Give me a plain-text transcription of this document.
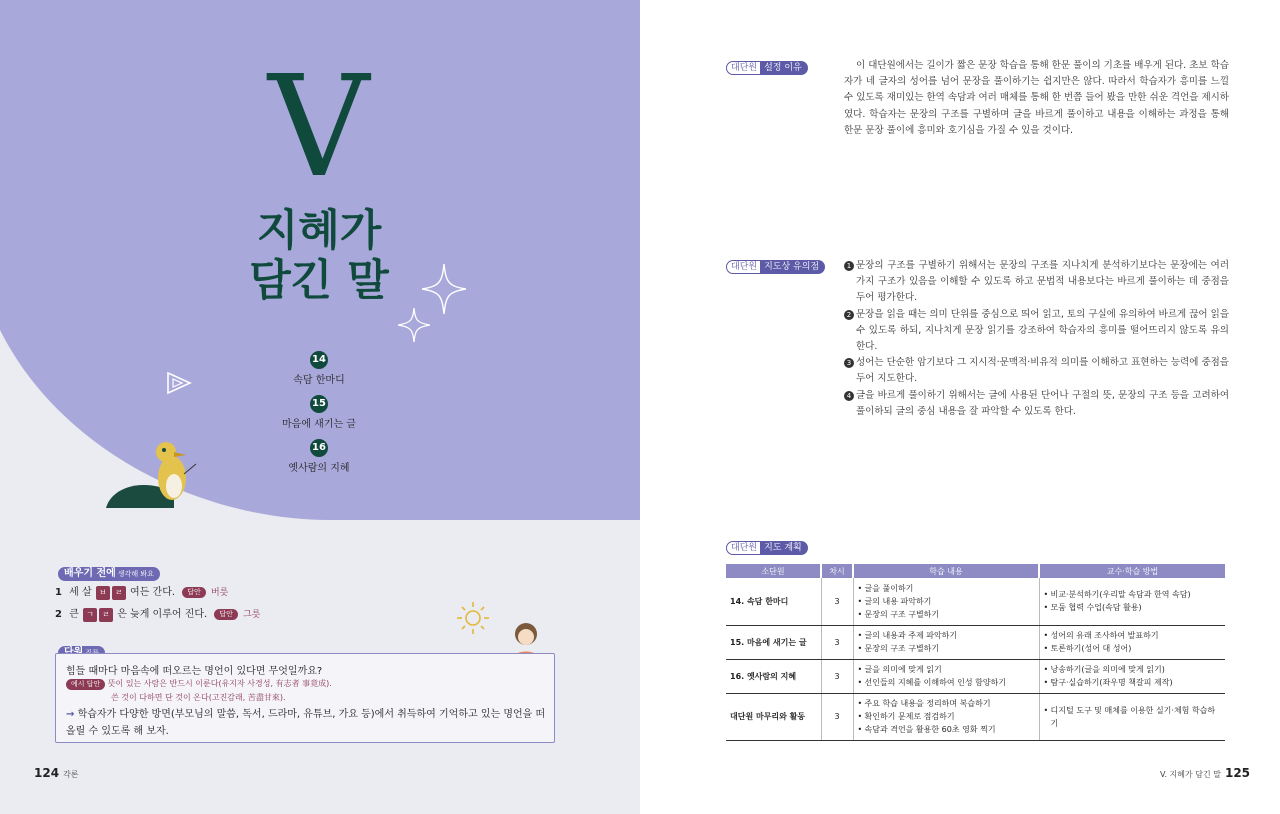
V
지혜가
담긴 말
14
속담 한마디
15
마음에 새기는 글
16
옛사람의 지혜
배우기 전에 생각해 봐요
1 세 살 ㅂ ㄹ 여든 간다. 답안 버릇
2 큰 ㄱ ㄹ 은 늦게 이루어 진다. 답안 그릇
힘들 때마다 마음속에 떠오르는 명언이 있다면 무엇일까요?
예시 답안 뜻이 있는 사람은 반드시 이룬다(유지자 사경성, 有志者 事竟成).
쓴 것이 다하면 단 것이 온다(고진감래, 苦盡甘來).
→ 학습자가 다양한 방면(부모님의 말씀, 독서, 드라마, 유튜브, 가요 등)에서 취득하여 기억하고 있는 명언을 떠올릴 수 있도록 해 보자.
124 각론
대단원 설정 이유	이 대단원에서는 길이가 짧은 문장 학습을 통해 한문 풀이의 기초를 배우게 된다. 초보 학습자가 네 글자의 성어를 넘어 문장을 풀이하기는 쉽지만은 않다. 따라서 학습자가 흥미를 느낄 수 있도록 재미있는 한역 속담과 여러 매체를 통해 한 번쯤 들어 봤을 만한 쉬운 격언을 제시하였다. 학습자는 문장의 구조를 구별하며 글을 바르게 풀이하고 내용을 이해하는 과정을 통해 한문 문장 풀이에 흥미와 호기심을 가질 수 있을 것이다.
대단원 지도상 유의점	1 문장의 구조를 구별하기 위해서는 문장의 구조를 지나치게 분석하기보다는 문장에는 여러 가지 구조가 있음을 이해할 수 있도록 하고 문법적 내용보다는 바르게 풀이하는 데 중점을 두어 평가한다.
2 문장을 읽을 때는 의미 단위를 중심으로 띄어 읽고, 토의 구실에 유의하여 바르게 끊어 읽을 수 있도록 하되, 지나치게 문장 읽기를 강조하여 학습자의 흥미를 떨어뜨리지 않도록 유의한다.
3 성어는 단순한 암기보다 그 지시적·문맥적·비유적 의미를 이해하고 표현하는 능력에 중점을 두어 지도한다.
4 글을 바르게 풀이하기 위해서는 글에 사용된 단어나 구절의 뜻, 문장의 구조 등을 고려하여 풀이하되 글의 중심 내용을 잘 파악할 수 있도록 한다.
대단원 지도 계획
소단원	차시	학습 내용	교수·학습 방법
14. 속담 한마디	3	• 글을 풀이하기
• 글의 내용 파악하기
• 문장의 구조 구별하기	• 비교·분석하기(우리말 속담과 한역 속담)
• 모둠 협력 수업(속담 활용)

15. 마음에 새기는 글	3	• 글의 내용과 주제 파악하기
• 문장의 구조 구별하기	• 성어의 유래 조사하여 발표하기
• 토론하기(성어 대 성어)

16. 옛사람의 지혜	3	• 글을 의미에 맞게 읽기
• 선인들의 지혜를 이해하여 인성 함양하기	• 낭송하기(글을 의미에 맞게 읽기)
• 탐구·실습하기(좌우명 책갈피 제작)

대단원 마무리와 활동	3	• 주요 학습 내용을 정리하며 복습하기
• 확인하기 문제로 점검하기
• 속담과 격언을 활용한 60초 영화 찍기	• 디지털 도구 및 매체를 이용한 실기·체험 학습하기
V. 지혜가 담긴 말 125
